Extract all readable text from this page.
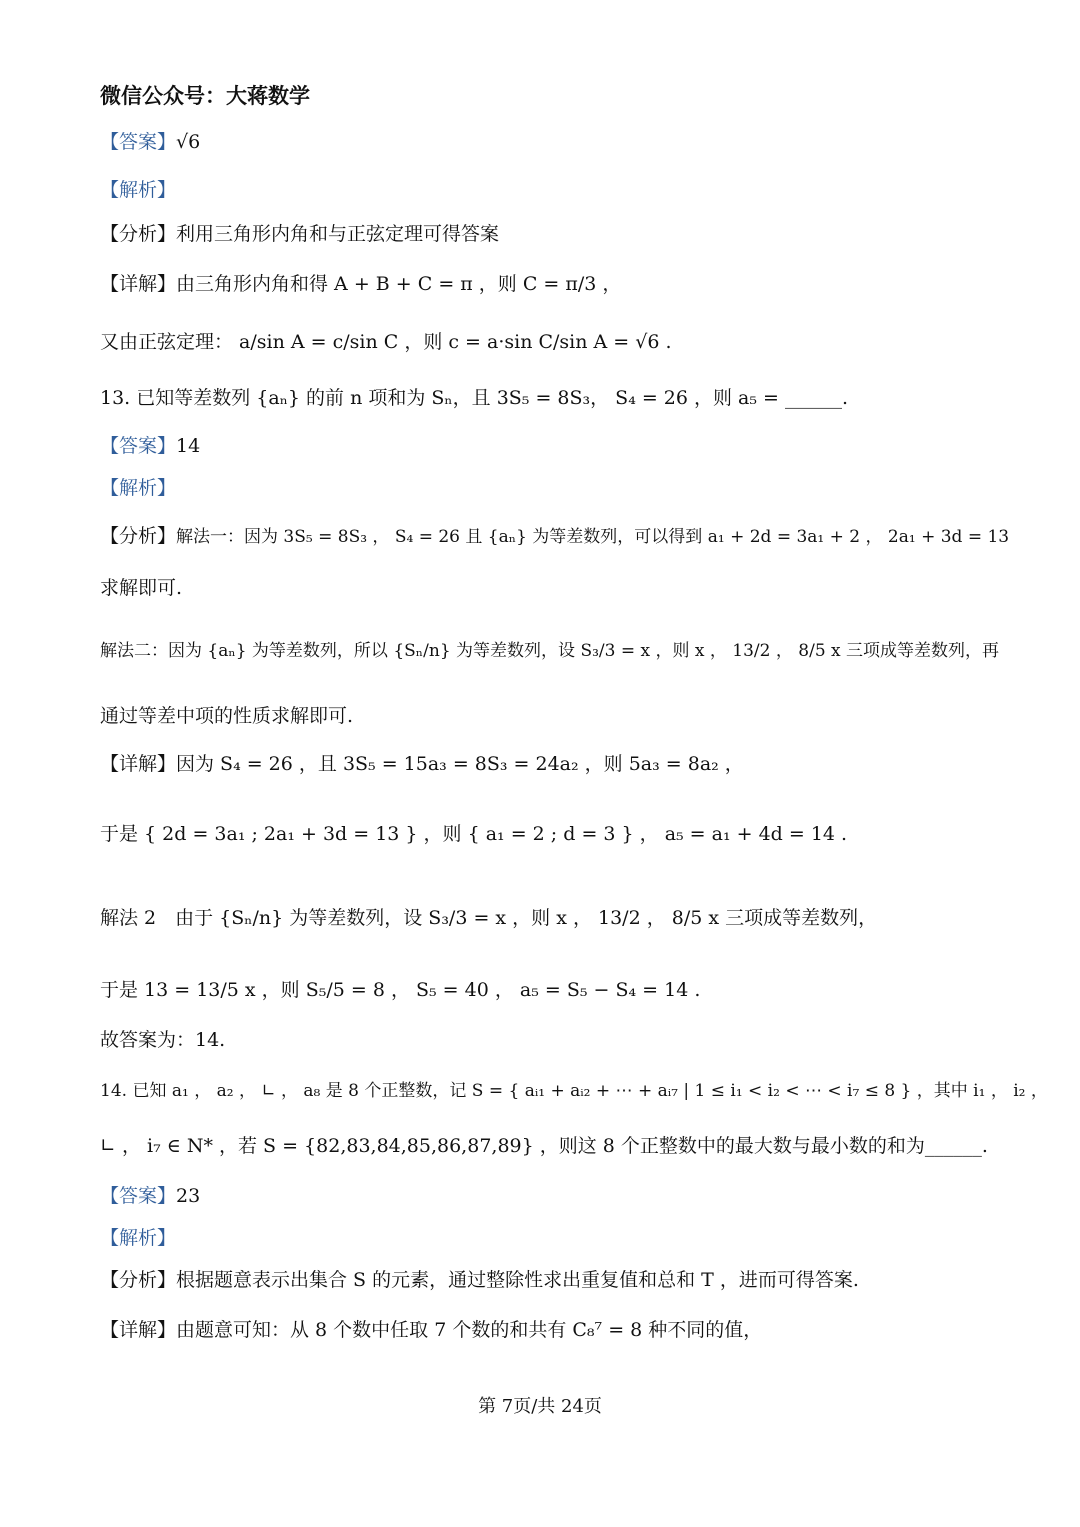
微信公众号：大蒋数学
【答案】√6
【解析】
【分析】利用三角形内角和与正弦定理可得答案
【详解】由三角形内角和得 A + B + C = π ，则 C = π/3 ，
又由正弦定理： a/sin A = c/sin C ，则 c = a·sin C/sin A = √6 .
13. 已知等差数列 {aₙ} 的前 n 项和为 Sₙ，且 3S₅ = 8S₃， S₄ = 26 ，则 a₅ = ______.
【答案】14
【解析】
【分析】解法一：因为 3S₅ = 8S₃ ， S₄ = 26 且 {aₙ} 为等差数列，可以得到 a₁ + 2d = 3a₁ + 2 ， 2a₁ + 3d = 13
求解即可.
解法二：因为 {aₙ} 为等差数列，所以 {Sₙ/n} 为等差数列，设 S₃/3 = x ，则 x ， 13/2 ， 8/5 x 三项成等差数列，再
通过等差中项的性质求解即可.
【详解】因为 S₄ = 26 ，且 3S₅ = 15a₃ = 8S₃ = 24a₂ ，则 5a₃ = 8a₂ ，
于是 { 2d = 3a₁ ; 2a₁ + 3d = 13 } ，则 { a₁ = 2 ; d = 3 } ， a₅ = a₁ + 4d = 14 .
解法 2　由于 {Sₙ/n} 为等差数列，设 S₃/3 = x ，则 x ， 13/2 ， 8/5 x 三项成等差数列，
于是 13 = 13/5 x ，则 S₅/5 = 8 ， S₅ = 40 ， a₅ = S₅ − S₄ = 14 .
故答案为：14.
14. 已知 a₁ ， a₂ ， ∟ ， a₈ 是 8 个正整数，记 S = { aᵢ₁ + aᵢ₂ + ⋯ + aᵢ₇ | 1 ≤ i₁ < i₂ < ⋯ < i₇ ≤ 8 } ，其中 i₁ ， i₂ ，
∟ ， i₇ ∈ N* ，若 S = {82,83,84,85,86,87,89} ，则这 8 个正整数中的最大数与最小数的和为______.
【答案】23
【解析】
【分析】根据题意表示出集合 S 的元素，通过整除性求出重复值和总和 T ，进而可得答案.
【详解】由题意可知：从 8 个数中任取 7 个数的和共有 C₈⁷ = 8 种不同的值，
第 7页/共 24页
